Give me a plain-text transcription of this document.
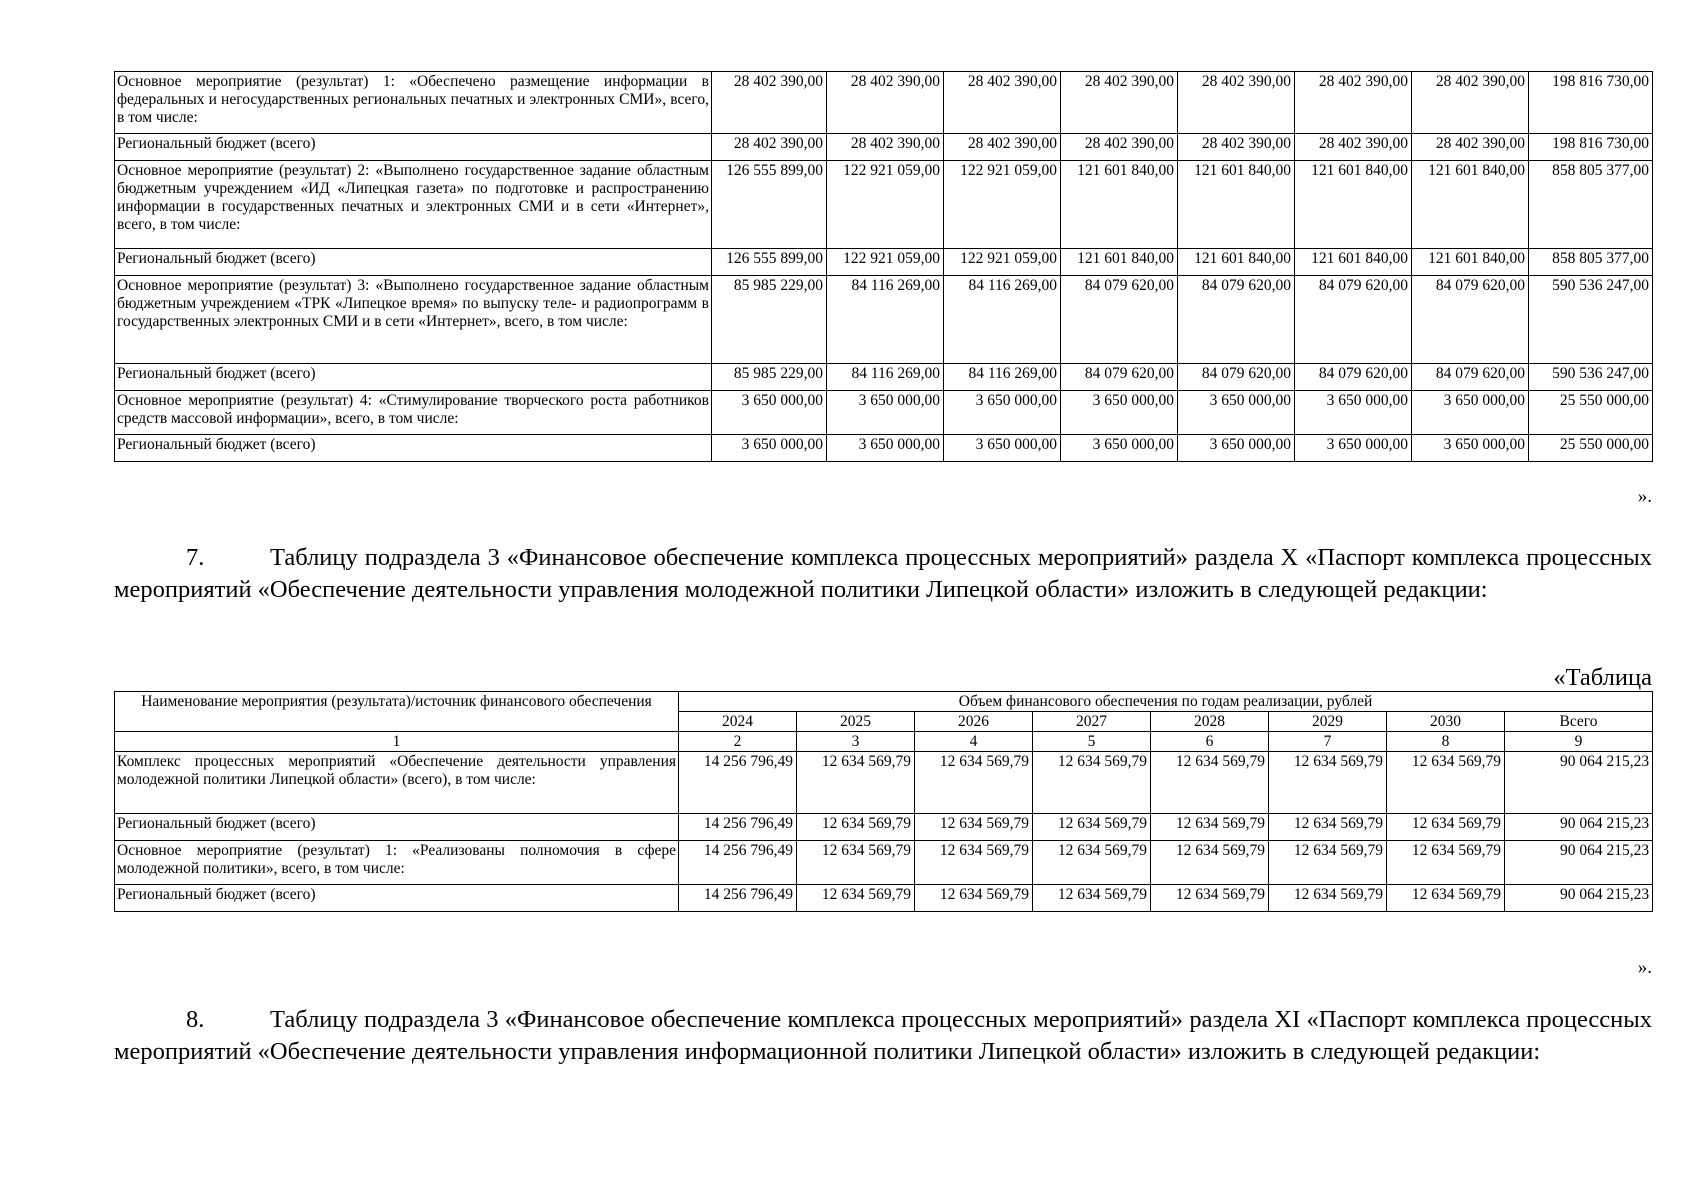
Основное мероприятие (результат) 1: «Обеспечено размещение информации в федеральных и негосударственных региональных печатных и электронных СМИ», всего, в том числе:	28 402 390,00	28 402 390,00	28 402 390,00	28 402 390,00	28 402 390,00	28 402 390,00	28 402 390,00	198 816 730,00
Региональный бюджет (всего)	28 402 390,00	28 402 390,00	28 402 390,00	28 402 390,00	28 402 390,00	28 402 390,00	28 402 390,00	198 816 730,00
Основное мероприятие (результат) 2: «Выполнено государственное задание областным бюджетным учреждением «ИД «Липецкая газета» по подготовке и распространению информации в государственных печатных и электронных СМИ и в сети «Интернет», всего, в том числе:	126 555 899,00	122 921 059,00	122 921 059,00	121 601 840,00	121 601 840,00	121 601 840,00	121 601 840,00	858 805 377,00
Региональный бюджет (всего)	126 555 899,00	122 921 059,00	122 921 059,00	121 601 840,00	121 601 840,00	121 601 840,00	121 601 840,00	858 805 377,00
Основное мероприятие (результат) 3: «Выполнено государственное задание областным бюджетным учреждением «ТРК «Липецкое время» по выпуску теле- и радиопрограмм в государственных электронных СМИ и в сети «Интернет», всего, в том числе:	85 985 229,00	84 116 269,00	84 116 269,00	84 079 620,00	84 079 620,00	84 079 620,00	84 079 620,00	590 536 247,00
Региональный бюджет (всего)	85 985 229,00	84 116 269,00	84 116 269,00	84 079 620,00	84 079 620,00	84 079 620,00	84 079 620,00	590 536 247,00
Основное мероприятие (результат) 4: «Стимулирование творческого роста работников средств массовой информации», всего, в том числе:	3 650 000,00	3 650 000,00	3 650 000,00	3 650 000,00	3 650 000,00	3 650 000,00	3 650 000,00	25 550 000,00
Региональный бюджет (всего)	3 650 000,00	3 650 000,00	3 650 000,00	3 650 000,00	3 650 000,00	3 650 000,00	3 650 000,00	25 550 000,00
».
7.	Таблицу подраздела 3 «Финансовое обеспечение комплекса процессных мероприятий» раздела X «Паспорт комплекса процессных мероприятий «Обеспечение деятельности управления молодежной политики Липецкой области» изложить в следующей редакции:
«Таблица
Наименование мероприятия (результата)/источник финансового обеспечения	Объем финансового обеспечения по годам реализации, рублей							
	2024	2025	2026	2027	2028	2029	2030	Всего
1	2	3	4	5	6	7	8	9
Комплекс процессных мероприятий «Обеспечение деятельности управления молодежной политики Липецкой области» (всего), в том числе:	14 256 796,49	12 634 569,79	12 634 569,79	12 634 569,79	12 634 569,79	12 634 569,79	12 634 569,79	90 064 215,23
Региональный бюджет (всего)	14 256 796,49	12 634 569,79	12 634 569,79	12 634 569,79	12 634 569,79	12 634 569,79	12 634 569,79	90 064 215,23
Основное мероприятие (результат) 1: «Реализованы полномочия в сфере молодежной политики», всего, в том числе:	14 256 796,49	12 634 569,79	12 634 569,79	12 634 569,79	12 634 569,79	12 634 569,79	12 634 569,79	90 064 215,23
Региональный бюджет (всего)	14 256 796,49	12 634 569,79	12 634 569,79	12 634 569,79	12 634 569,79	12 634 569,79	12 634 569,79	90 064 215,23
».
8.	Таблицу подраздела 3 «Финансовое обеспечение комплекса процессных мероприятий» раздела XI «Паспорт комплекса процессных мероприятий «Обеспечение деятельности управления информационной политики Липецкой области» изложить в следующей редакции:
